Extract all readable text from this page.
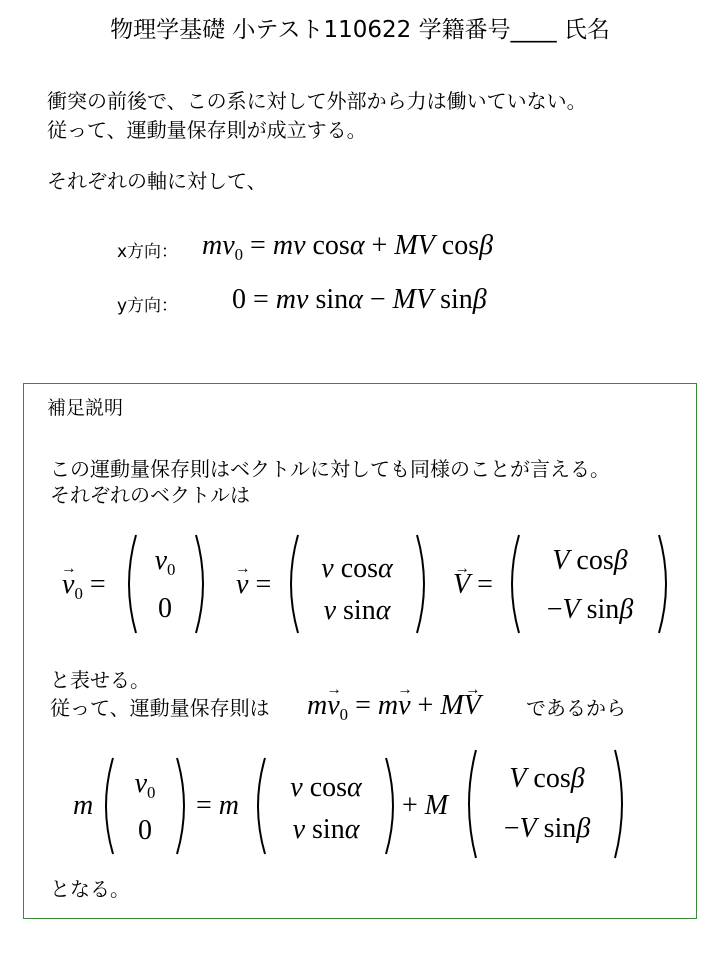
物理学基礎 小テスト110622 学籍番号____ 氏名
衝突の前後で、この系に対して外部から力は働いていない。
従って、運動量保存則が成立する。
それぞれの軸に対して、
x方向： $mv_0$ = mv cosα + MV cosβ
y方向： 0 = mv sinα − MV sinβ
補足説明
この運動量保存則はベクトルに対しても同様のことが言える。
それぞれのベクトルは
$v \to_0$ =
$v_0$
0
v → =
v cosα
v sinα
V → =
V cosβ
−V sinβ
と表せる。
従って、運動量保存則は mv $\to_0$ = mv → + MV → であるから
m
$v_0$
0
= m
v cosα
v sinα
+ M
V cosβ
−V sinβ
となる。
